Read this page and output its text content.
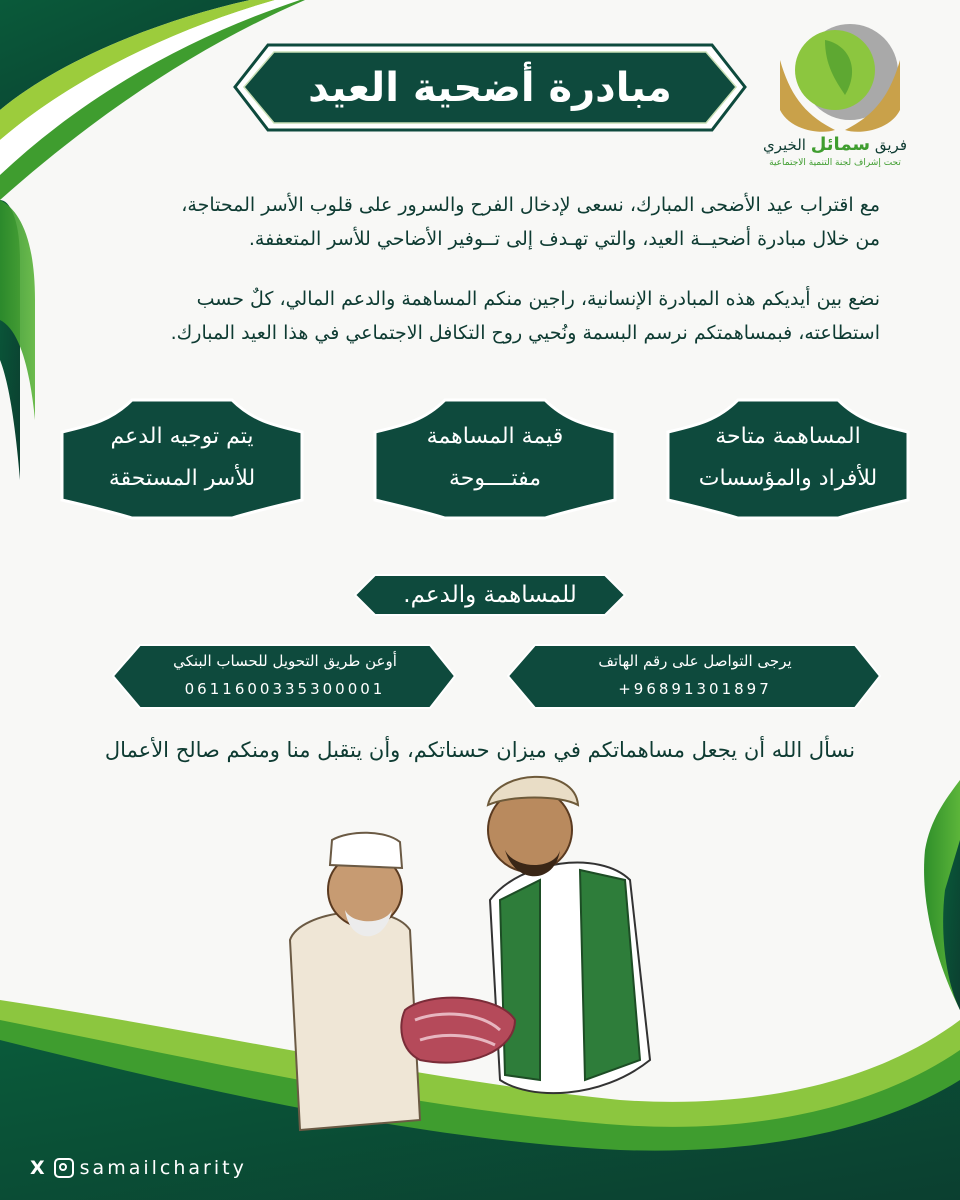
فريق سمائل الخيري
تحت إشراف لجنة التنمية الاجتماعية
مبادرة أضحية العيد
مع اقتراب عيد الأضحى المبارك، نسعى لإدخال الفرح والسرور على قلوب الأسر المحتاجة،
من خلال مبادرة أضحيــة العيد، والتي تهـدف إلى تــوفير الأضاحي للأسر المتعففة.
نضع بين أيديكم هذه المبادرة الإنسانية، راجين منكم المساهمة والدعم المالي، كلٌ حسب
استطاعته، فبمساهمتكم نرسم البسمة ونُحيي روح التكافل الاجتماعي في هذا العيد المبارك.
المساهمة متاحة
للأفراد والمؤسسات
قيمة المساهمة
مفتــــوحة
يتم توجيه الدعم
للأسر المستحقة
للمساهمة والدعم.
يرجى التواصل على رقم الهاتف
+96891301897
أوعن طريق التحويل للحساب البنكي
0611600335300001
نسأل الله أن يجعل مساهماتكم في ميزان حسناتكم، وأن يتقبل منا ومنكم صالح الأعمال
X samailcharity
